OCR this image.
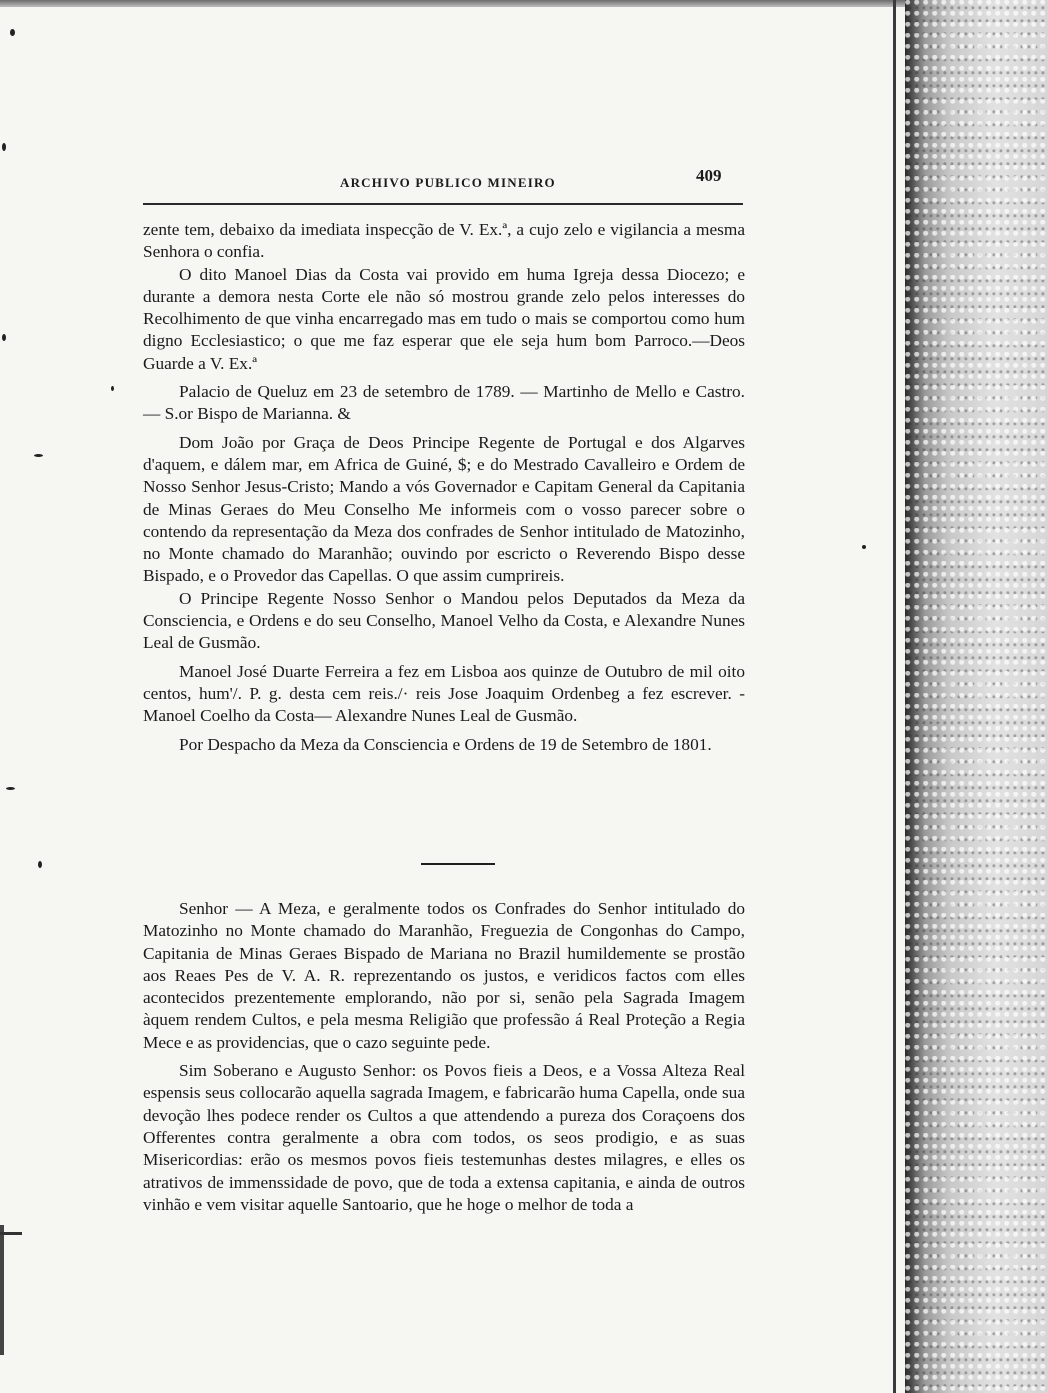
ARCHIVO PUBLICO MINEIRO	409

zente tem, debaixo da imediata inspecção de V. Ex.ª, a cujo zelo e vigilancia a mesma Senhora o confia.

O dito Manoel Dias da Costa vai provido em huma Igreja dessa Diocezo; e durante a demora nesta Corte ele não só mostrou grande zelo pelos interesses do Recolhimento de que vinha encarregado mas em tudo o mais se comportou como hum digno Ecclesiastico; o que me faz esperar que ele seja hum bom Parroco.—Deos Guarde a V. Ex.ª

Palacio de Queluz em 23 de setembro de 1789. — Martinho de Mello e Castro. — S.or Bispo de Marianna. &

Dom João por Graça de Deos Principe Regente de Portugal e dos Algarves d'aquem, e dálem mar, em Africa de Guiné, $; e do Mestrado Cavalleiro e Ordem de Nosso Senhor Jesus-Cristo; Mando a vós Governador e Capitam General da Capitania de Minas Geraes do Meu Conselho Me informeis com o vosso parecer sobre o contendo da representação da Meza dos confrades de Senhor intitulado de Matozinho, no Monte chamado do Maranhão; ouvindo por escricto o Reverendo Bispo desse Bispado, e o Provedor das Capellas. O que assim cumprireis.

O Principe Regente Nosso Senhor o Mandou pelos Deputados da Meza da Consciencia, e Ordens e do seu Conselho, Manoel Velho da Costa, e Alexandre Nunes Leal de Gusmão.

Manoel José Duarte Ferreira a fez em Lisboa aos quinze de Outubro de mil oito centos, hum'/. P. g. desta cem reis./· reis Jose Joaquim Ordenbeg a fez escrever. - Manoel Coelho da Costa— Alexandre Nunes Leal de Gusmão.

Por Despacho da Meza da Consciencia e Ordens de 19 de Setembro de 1801.

Senhor — A Meza, e geralmente todos os Confrades do Senhor intitulado do Matozinho no Monte chamado do Maranhão, Freguezia de Congonhas do Campo, Capitania de Minas Geraes Bispado de Mariana no Brazil humildemente se prostão aos Reaes Pes de V. A. R. reprezentando os justos, e veridicos factos com elles acontecidos prezentemente emplorando, não por si, senão pela Sagrada Imagem àquem rendem Cultos, e pela mesma Religião que professão á Real Proteção a Regia Mece e as providencias, que o cazo seguinte pede.

Sim Soberano e Augusto Senhor: os Povos fieis a Deos, e a Vossa Alteza Real espensis seus collocarão aquella sagrada Imagem, e fabricarão huma Capella, onde sua devoção lhes podece render os Cultos a que attendendo a pureza dos Coraçoens dos Offerentes contra geralmente a obra com todos, os seos prodigio, e as suas Misericordias: erão os mesmos povos fieis testemunhas destes milagres, e elles os atrativos de immenssidade de povo, que de toda a extensa capitania, e ainda de outros vinhão e vem visitar aquelle Santoario, que he hoge o melhor de toda a
